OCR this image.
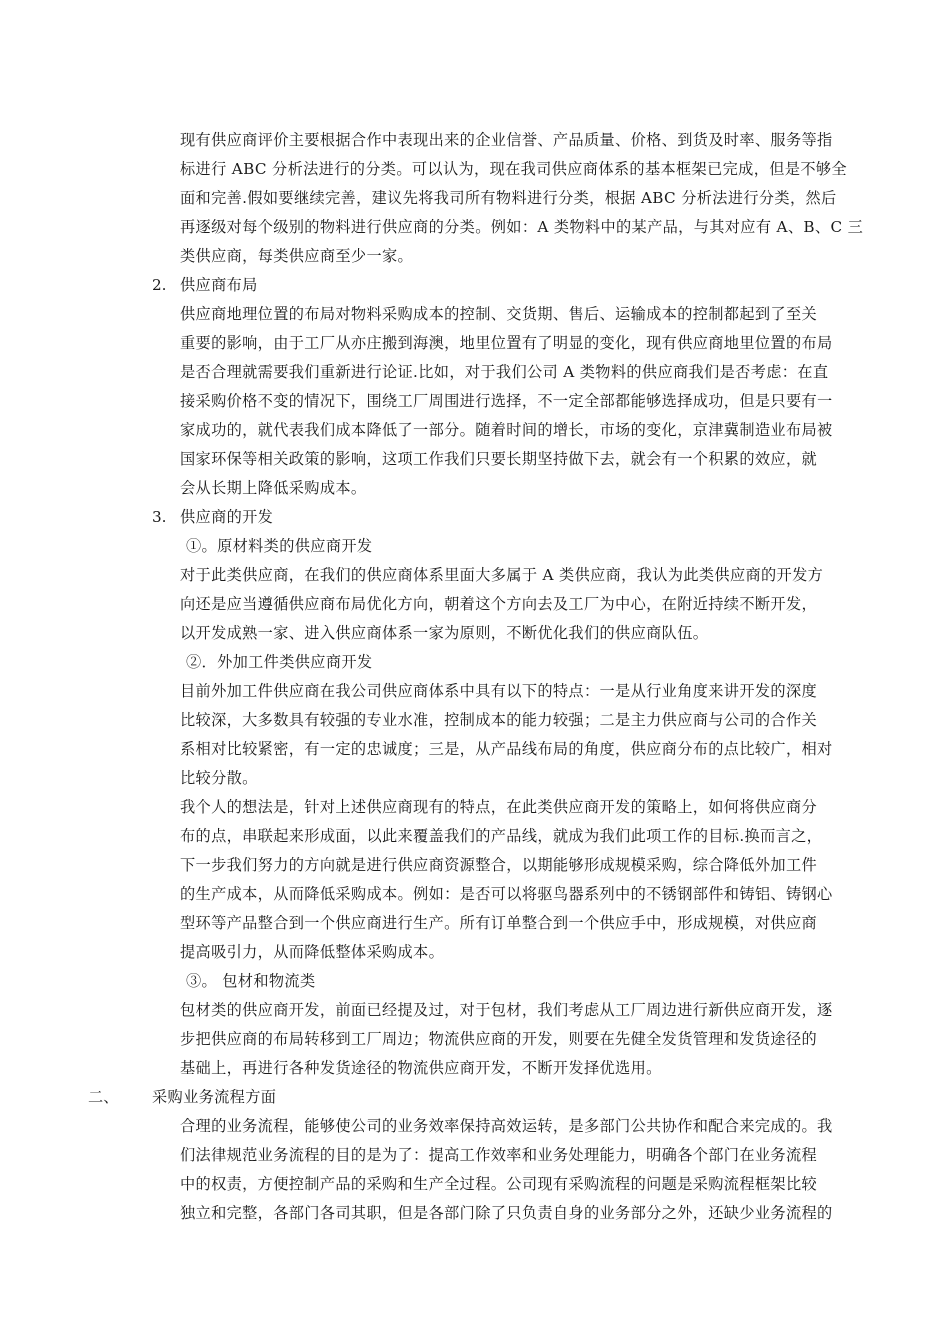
现有供应商评价主要根据合作中表现出来的企业信誉、产品质量、价格、到货及时率、服务等指
标进行 ABC 分析法进行的分类。可以认为，现在我司供应商体系的基本框架已完成，但是不够全
面和完善.假如要继续完善，建议先将我司所有物料进行分类，根据 ABC 分析法进行分类，然后
再逐级对每个级别的物料进行供应商的分类。例如：A 类物料中的某产品，与其对应有 A、B、C 三
类供应商，每类供应商至少一家。
2. 供应商布局
供应商地理位置的布局对物料采购成本的控制、交货期、售后、运输成本的控制都起到了至关
重要的影响，由于工厂从亦庄搬到海澳，地里位置有了明显的变化，现有供应商地里位置的布局
是否合理就需要我们重新进行论证.比如，对于我们公司 A 类物料的供应商我们是否考虑：在直
接采购价格不变的情况下，围绕工厂周围进行选择，不一定全部都能够选择成功，但是只要有一
家成功的，就代表我们成本降低了一部分。随着时间的增长，市场的变化，京津冀制造业布局被
国家环保等相关政策的影响，这项工作我们只要长期坚持做下去，就会有一个积累的效应，就
会从长期上降低采购成本。
3. 供应商的开发
①。原材料类的供应商开发
对于此类供应商，在我们的供应商体系里面大多属于 A 类供应商，我认为此类供应商的开发方
向还是应当遵循供应商布局优化方向，朝着这个方向去及工厂为中心，在附近持续不断开发，
以开发成熟一家、进入供应商体系一家为原则，不断优化我们的供应商队伍。
②．外加工件类供应商开发
目前外加工件供应商在我公司供应商体系中具有以下的特点：一是从行业角度来讲开发的深度
比较深，大多数具有较强的专业水准，控制成本的能力较强；二是主力供应商与公司的合作关
系相对比较紧密，有一定的忠诚度；三是，从产品线布局的角度，供应商分布的点比较广，相对
比较分散。
我个人的想法是，针对上述供应商现有的特点，在此类供应商开发的策略上，如何将供应商分
布的点，串联起来形成面，以此来覆盖我们的产品线，就成为我们此项工作的目标.换而言之，
下一步我们努力的方向就是进行供应商资源整合，以期能够形成规模采购，综合降低外加工件
的生产成本，从而降低采购成本。例如：是否可以将驱鸟器系列中的不锈钢部件和铸铝、铸钢心
型环等产品整合到一个供应商进行生产。所有订单整合到一个供应手中，形成规模，对供应商
提高吸引力，从而降低整体采购成本。
③。 包材和物流类
包材类的供应商开发，前面已经提及过，对于包材，我们考虑从工厂周边进行新供应商开发，逐
步把供应商的布局转移到工厂周边；物流供应商的开发，则要在先健全发货管理和发货途径的
基础上，再进行各种发货途径的物流供应商开发，不断开发择优选用。
二、 采购业务流程方面
合理的业务流程，能够使公司的业务效率保持高效运转，是多部门公共协作和配合来完成的。我
们法律规范业务流程的目的是为了：提高工作效率和业务处理能力，明确各个部门在业务流程
中的权责，方便控制产品的采购和生产全过程。公司现有采购流程的问题是采购流程框架比较
独立和完整，各部门各司其职，但是各部门除了只负责自身的业务部分之外，还缺少业务流程的
